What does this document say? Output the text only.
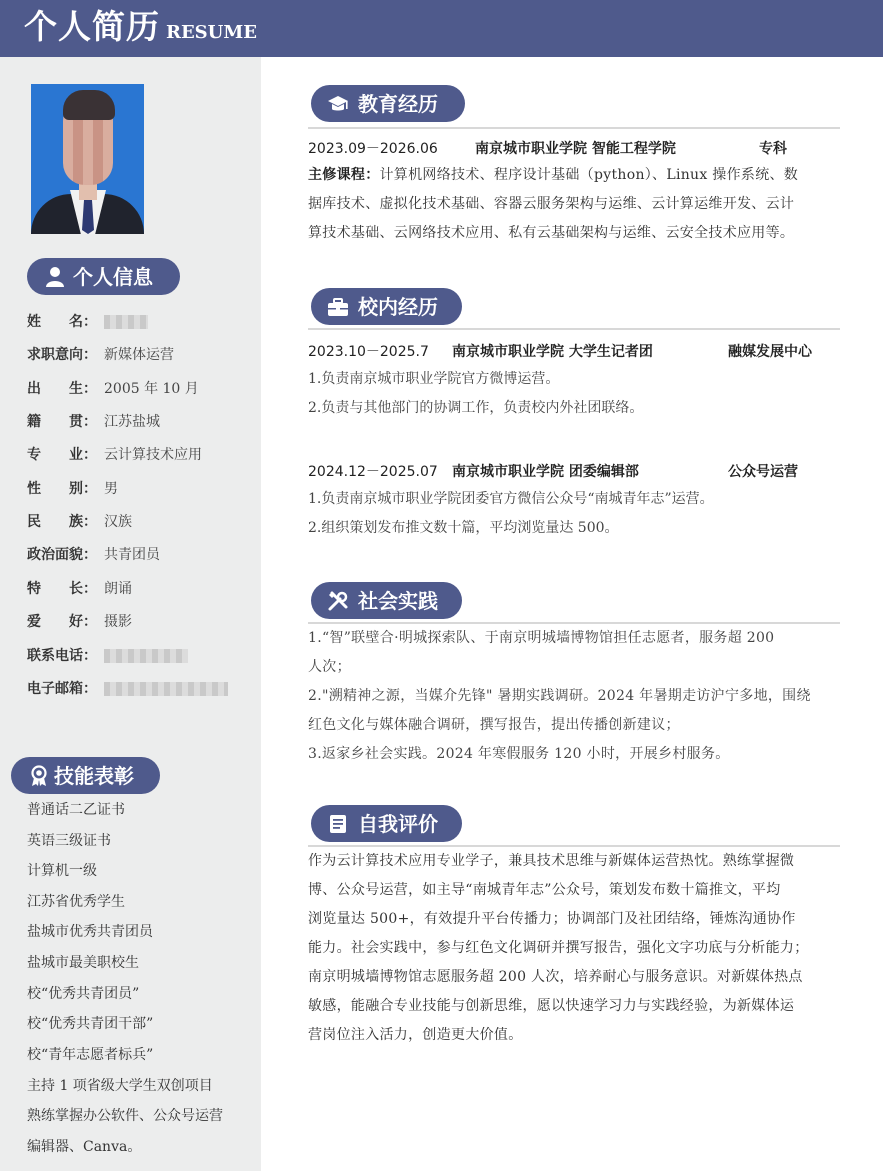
个人简历 RESUME
个人信息
姓　　名：
求职意向： 新媒体运营
出　　生： 2005 年 10 月
籍　　贯： 江苏盐城
专　　业： 云计算技术应用
性　　别： 男
民　　族： 汉族
政治面貌： 共青团员
特　　长： 朗诵
爱　　好： 摄影
联系电话：
电子邮箱：
技能表彰
普通话二乙证书
英语三级证书
计算机一级
江苏省优秀学生
盐城市优秀共青团员
盐城市最美职校生
校“优秀共青团员”
校“优秀共青团干部”
校“青年志愿者标兵”
主持 1 项省级大学生双创项目
熟练掌握办公软件、公众号运营
编辑器、Canva。
教育经历
2023.09－2026.06	南京城市职业学院 智能工程学院	专科
主修课程：计算机网络技术、程序设计基础（python）、Linux 操作系统、数
据库技术、虚拟化技术基础、容器云服务架构与运维、云计算运维开发、云计
算技术基础、云网络技术应用、私有云基础架构与运维、云安全技术应用等。
校内经历
2023.10－2025.7 南京城市职业学院 大学生记者团	融媒发展中心
1.负责南京城市职业学院官方微博运营。
2.负责与其他部门的协调工作，负责校内外社团联络。
2024.12－2025.07 南京城市职业学院 团委编辑部	公众号运营
1.负责南京城市职业学院团委官方微信公众号“南城青年志”运营。
2.组织策划发布推文数十篇，平均浏览量达 500。
社会实践
1.“智”联壁合·明城探索队、于南京明城墙博物馆担任志愿者，服务超 200
人次；
2."溯精神之源，当媒介先锋" 暑期实践调研。2024 年暑期走访沪宁多地，围绕
红色文化与媒体融合调研，撰写报告，提出传播创新建议；
3.返家乡社会实践。2024 年寒假服务 120 小时，开展乡村服务。
自我评价
作为云计算技术应用专业学子，兼具技术思维与新媒体运营热忱。熟练掌握微
博、公众号运营，如主导“南城青年志”公众号，策划发布数十篇推文，平均
浏览量达 500+，有效提升平台传播力；协调部门及社团结络，锤炼沟通协作
能力。社会实践中，参与红色文化调研并撰写报告，强化文字功底与分析能力；
南京明城墙博物馆志愿服务超 200 人次，培养耐心与服务意识。对新媒体热点
敏感，能融合专业技能与创新思维，愿以快速学习力与实践经验，为新媒体运
营岗位注入活力，创造更大价值。
